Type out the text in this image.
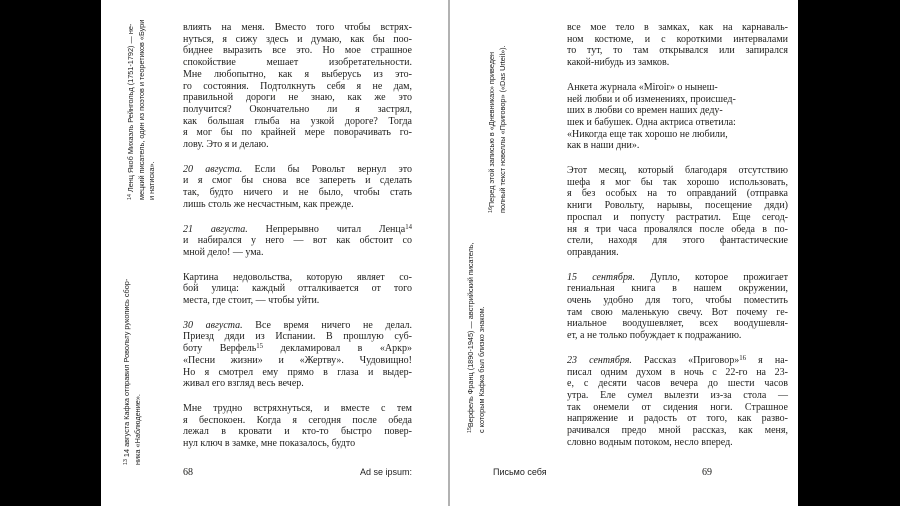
влиять на меня. Вместо того чтобы встрях-
нуться, я сижу здесь и думаю, как бы поо-
биднее выразить все это. Но мое страшное
спокойствие мешает изобретательности.
Мне любопытно, как я выберусь из это-
го состояния. Подтолкнуть себя я не дам,
правильной дороги не знаю, как же это
получится? Окончательно ли я застрял,
как большая глыба на узкой дороге? Тогда
я мог бы по крайней мере поворачивать го-
лову. Это я и делаю.
20 августа. Если бы Ровольт вернул это
и я смог бы снова все запереть и сделать
так, будто ничего и не было, чтобы стать
лишь столь же несчастным, как прежде.
21 августа. Непрерывно читал Ленца$^{14}$
и набирался у него — вот как обстоит со
мной дело! — ума.
Картина недовольства, которую являет со-
бой улица: каждый отталкивается от того
места, где стоит, — чтобы уйти.
30 августа. Все время ничего не делал.
Приезд дяди из Испании. В прошлую суб-
боту Верфель$^{15}$ декламировал в «Аркр»
«Песни жизни» и «Жертву». Чудовищно!
Но я смотрел ему прямо в глаза и выдер-
живал его взгляд весь вечер.
Мне трудно встряхнуться, и вместе с тем
я беспокоен. Когда я сегодня после обеда
лежал в кровати и кто-то быстро повер-
нул ключ в замке, мне показалось, будто
68	Ad se ipsum:
$^{14}$ Ленц Якоб Михаэль Рейнгольд (1751-1792) — не- мецкий писатель, один из поэтов и теоретиков «Бури и натиска».
$^{13}$ 14 августа Кафка отправил Ровольту рукопись сбор- ника «Наблюдение».
все мое тело в замках, как на карнаваль-
ном костюме, и с короткими интервалами
то тут, то там открывался или запирался
какой-нибудь из замков.
Анкета журнала «Miroir» о нынеш-
ней любви и об изменениях, происшед-
ших в любви со времен наших деду-
шек и бабушек. Одна актриса ответила:
«Никогда еще так хорошо не любили,
как в наши дни».
Этот месяц, который благодаря отсутствию
шефа я мог бы так хорошо использовать,
я без особых на то оправданий (отправка
книги Ровольту, нарывы, посещение дяди)
проспал и попусту растратил. Еще сегод-
ня я три часа провалялся после обеда в по-
стели, находя для этого фантастические
оправдания.
15 сентября. Дупло, которое прожигает
гениальная книга в нашем окружении,
очень удобно для того, чтобы поместить
там свою маленькую свечу. Вот почему ге-
ниальное воодушевляет, всех воодушевля-
ет, а не только побуждает к подражанию.
23 сентября. Рассказ «Приговор»$^{16}$ я на-
писал одним духом в ночь с 22-го на 23-
е, с десяти часов вечера до шести часов
утра. Еле сумел вылезти из-за стола —
так онемели от сидения ноги. Страшное
напряжение и радость от того, как разво-
рачивался предо мной рассказ, как меня,
словно водным потоком, несло вперед.
Письмо себя	69
$^{16}$Перед этой записью в «Дневниках» приведен полный текст новеллы «Приговор» («Das Urteil»).
$^{15}$Верфель Франц (1890-1945) — австрийский писатель, с которым Кафка был близко знаком.
